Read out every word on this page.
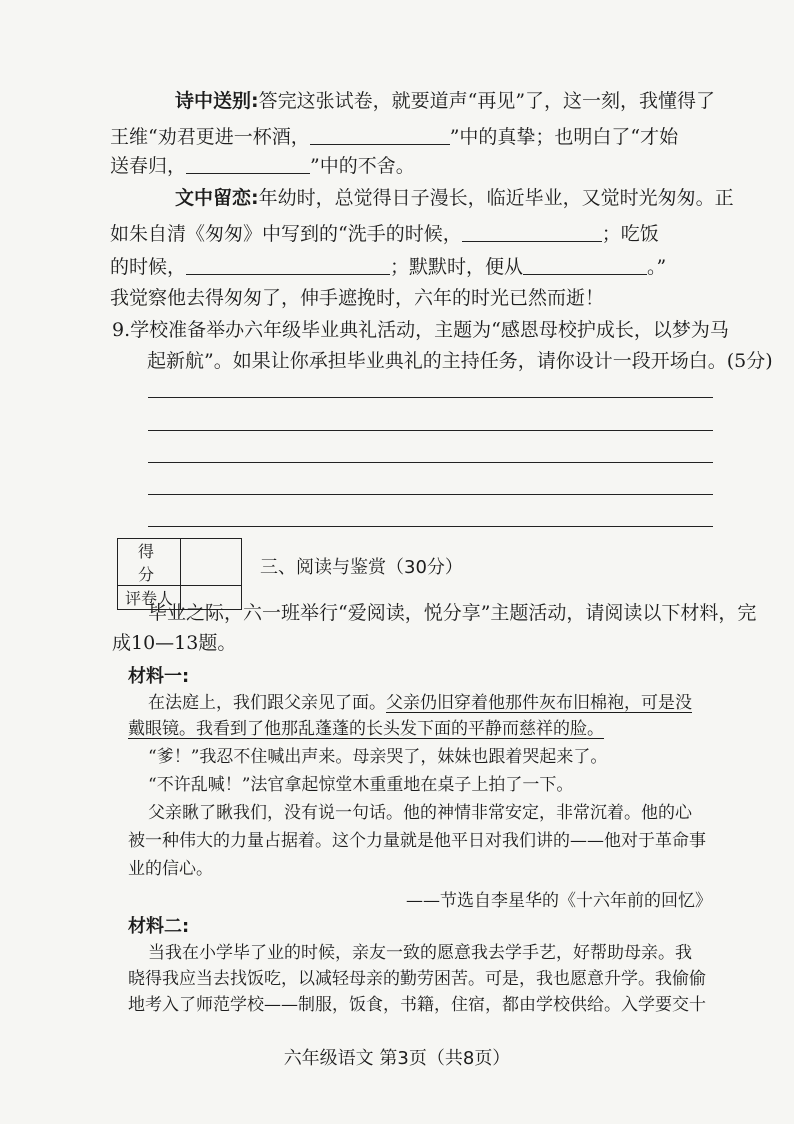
诗中送别:答完这张试卷，就要道声“再见”了，这一刻，我懂得了
王维“劝君更进一杯酒，	”中的真挚；也明白了“才始
送春归，	”中的不舍。
文中留恋:年幼时，总觉得日子漫长，临近毕业，又觉时光匆匆。正
如朱自清《匆匆》中写到的“洗手的时候，	；吃饭
的时候，	；默默时，便从	。”
我觉察他去得匆匆了，伸手遮挽时，六年的时光已然而逝！
9.学校准备举办六年级毕业典礼活动，主题为“感恩母校护成长，以梦为马
起新航”。如果让你承担毕业典礼的主持任务，请你设计一段开场白。(5分)
得 分	
评卷人	
三、阅读与鉴赏（30分）
毕业之际，六一班举行“爱阅读，悦分享”主题活动，请阅读以下材料，完
成10—13题。
材料一:
在法庭上，我们跟父亲见了面。父亲仍旧穿着他那件灰布旧棉袍，可是没
戴眼镜。我看到了他那乱蓬蓬的长头发下面的平静而慈祥的脸。
“爹！”我忍不住喊出声来。母亲哭了，妹妹也跟着哭起来了。
“不许乱喊！”法官拿起惊堂木重重地在桌子上拍了一下。
父亲瞅了瞅我们，没有说一句话。他的神情非常安定，非常沉着。他的心
被一种伟大的力量占据着。这个力量就是他平日对我们讲的——他对于革命事
业的信心。
——节选自李星华的《十六年前的回忆》
材料二:
当我在小学毕了业的时候，亲友一致的愿意我去学手艺，好帮助母亲。我
晓得我应当去找饭吃，以减轻母亲的勤劳困苦。可是，我也愿意升学。我偷偷
地考入了师范学校——制服，饭食，书籍，住宿，都由学校供给。入学要交十
六年级语文 第3页（共8页）
